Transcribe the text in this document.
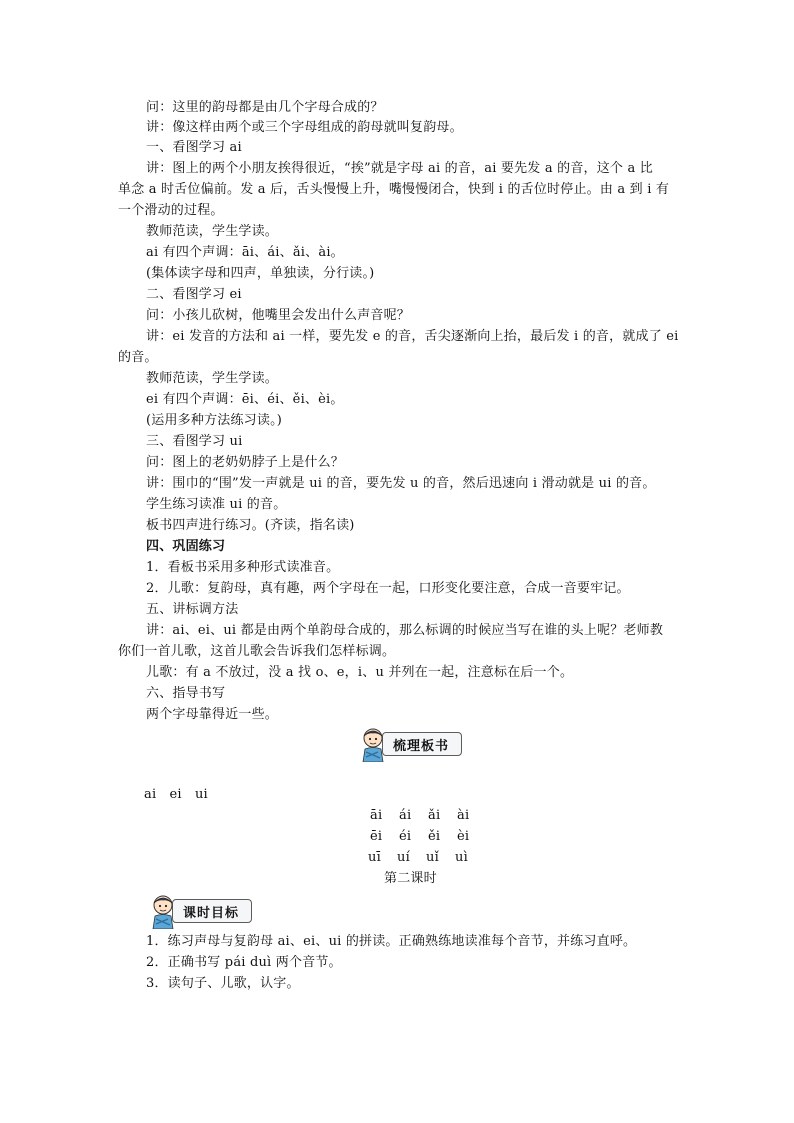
问：这里的韵母都是由几个字母合成的？
讲：像这样由两个或三个字母组成的韵母就叫复韵母。
一、看图学习 ai
讲：图上的两个小朋友挨得很近，“挨”就是字母 ai 的音，ai 要先发 a 的音，这个 a 比
单念 a 时舌位偏前。发 a 后，舌头慢慢上升，嘴慢慢闭合，快到 i 的舌位时停止。由 a 到 i 有
一个滑动的过程。
教师范读，学生学读。
ai 有四个声调：āi、ái、ǎi、ài。
(集体读字母和四声，单独读，分行读。)
二、看图学习 ei
问：小孩儿砍树，他嘴里会发出什么声音呢？
讲：ei 发音的方法和 ai 一样，要先发 e 的音，舌尖逐渐向上抬，最后发 i 的音，就成了 ei
的音。
教师范读，学生学读。
ei 有四个声调：ēi、éi、ěi、èi。
(运用多种方法练习读。)
三、看图学习 ui
问：图上的老奶奶脖子上是什么？
讲：围巾的“围”发一声就是 ui 的音，要先发 u 的音，然后迅速向 i 滑动就是 ui 的音。
学生练习读准 ui 的音。
板书四声进行练习。(齐读，指名读)
四、巩固练习
1．看板书采用多种形式读准音。
2．儿歌：复韵母，真有趣，两个字母在一起，口形变化要注意，合成一音要牢记。
五、讲标调方法
讲：ai、ei、ui 都是由两个单韵母合成的，那么标调的时候应当写在谁的头上呢？老师教
你们一首儿歌，这首儿歌会告诉我们怎样标调。
儿歌：有 a 不放过，没 a 找 o、e，i、u 并列在一起，注意标在后一个。
六、指导书写
两个字母靠得近一些。
梳理板书
ai　ei　ui
āi ái ǎi ài
ēi éi ěi èi
uī uí uǐ uì
第二课时
课时目标
1．练习声母与复韵母 ai、ei、ui 的拼读。正确熟练地读准每个音节，并练习直呼。
2．正确书写 pái duì 两个音节。
3．读句子、儿歌，认字。
